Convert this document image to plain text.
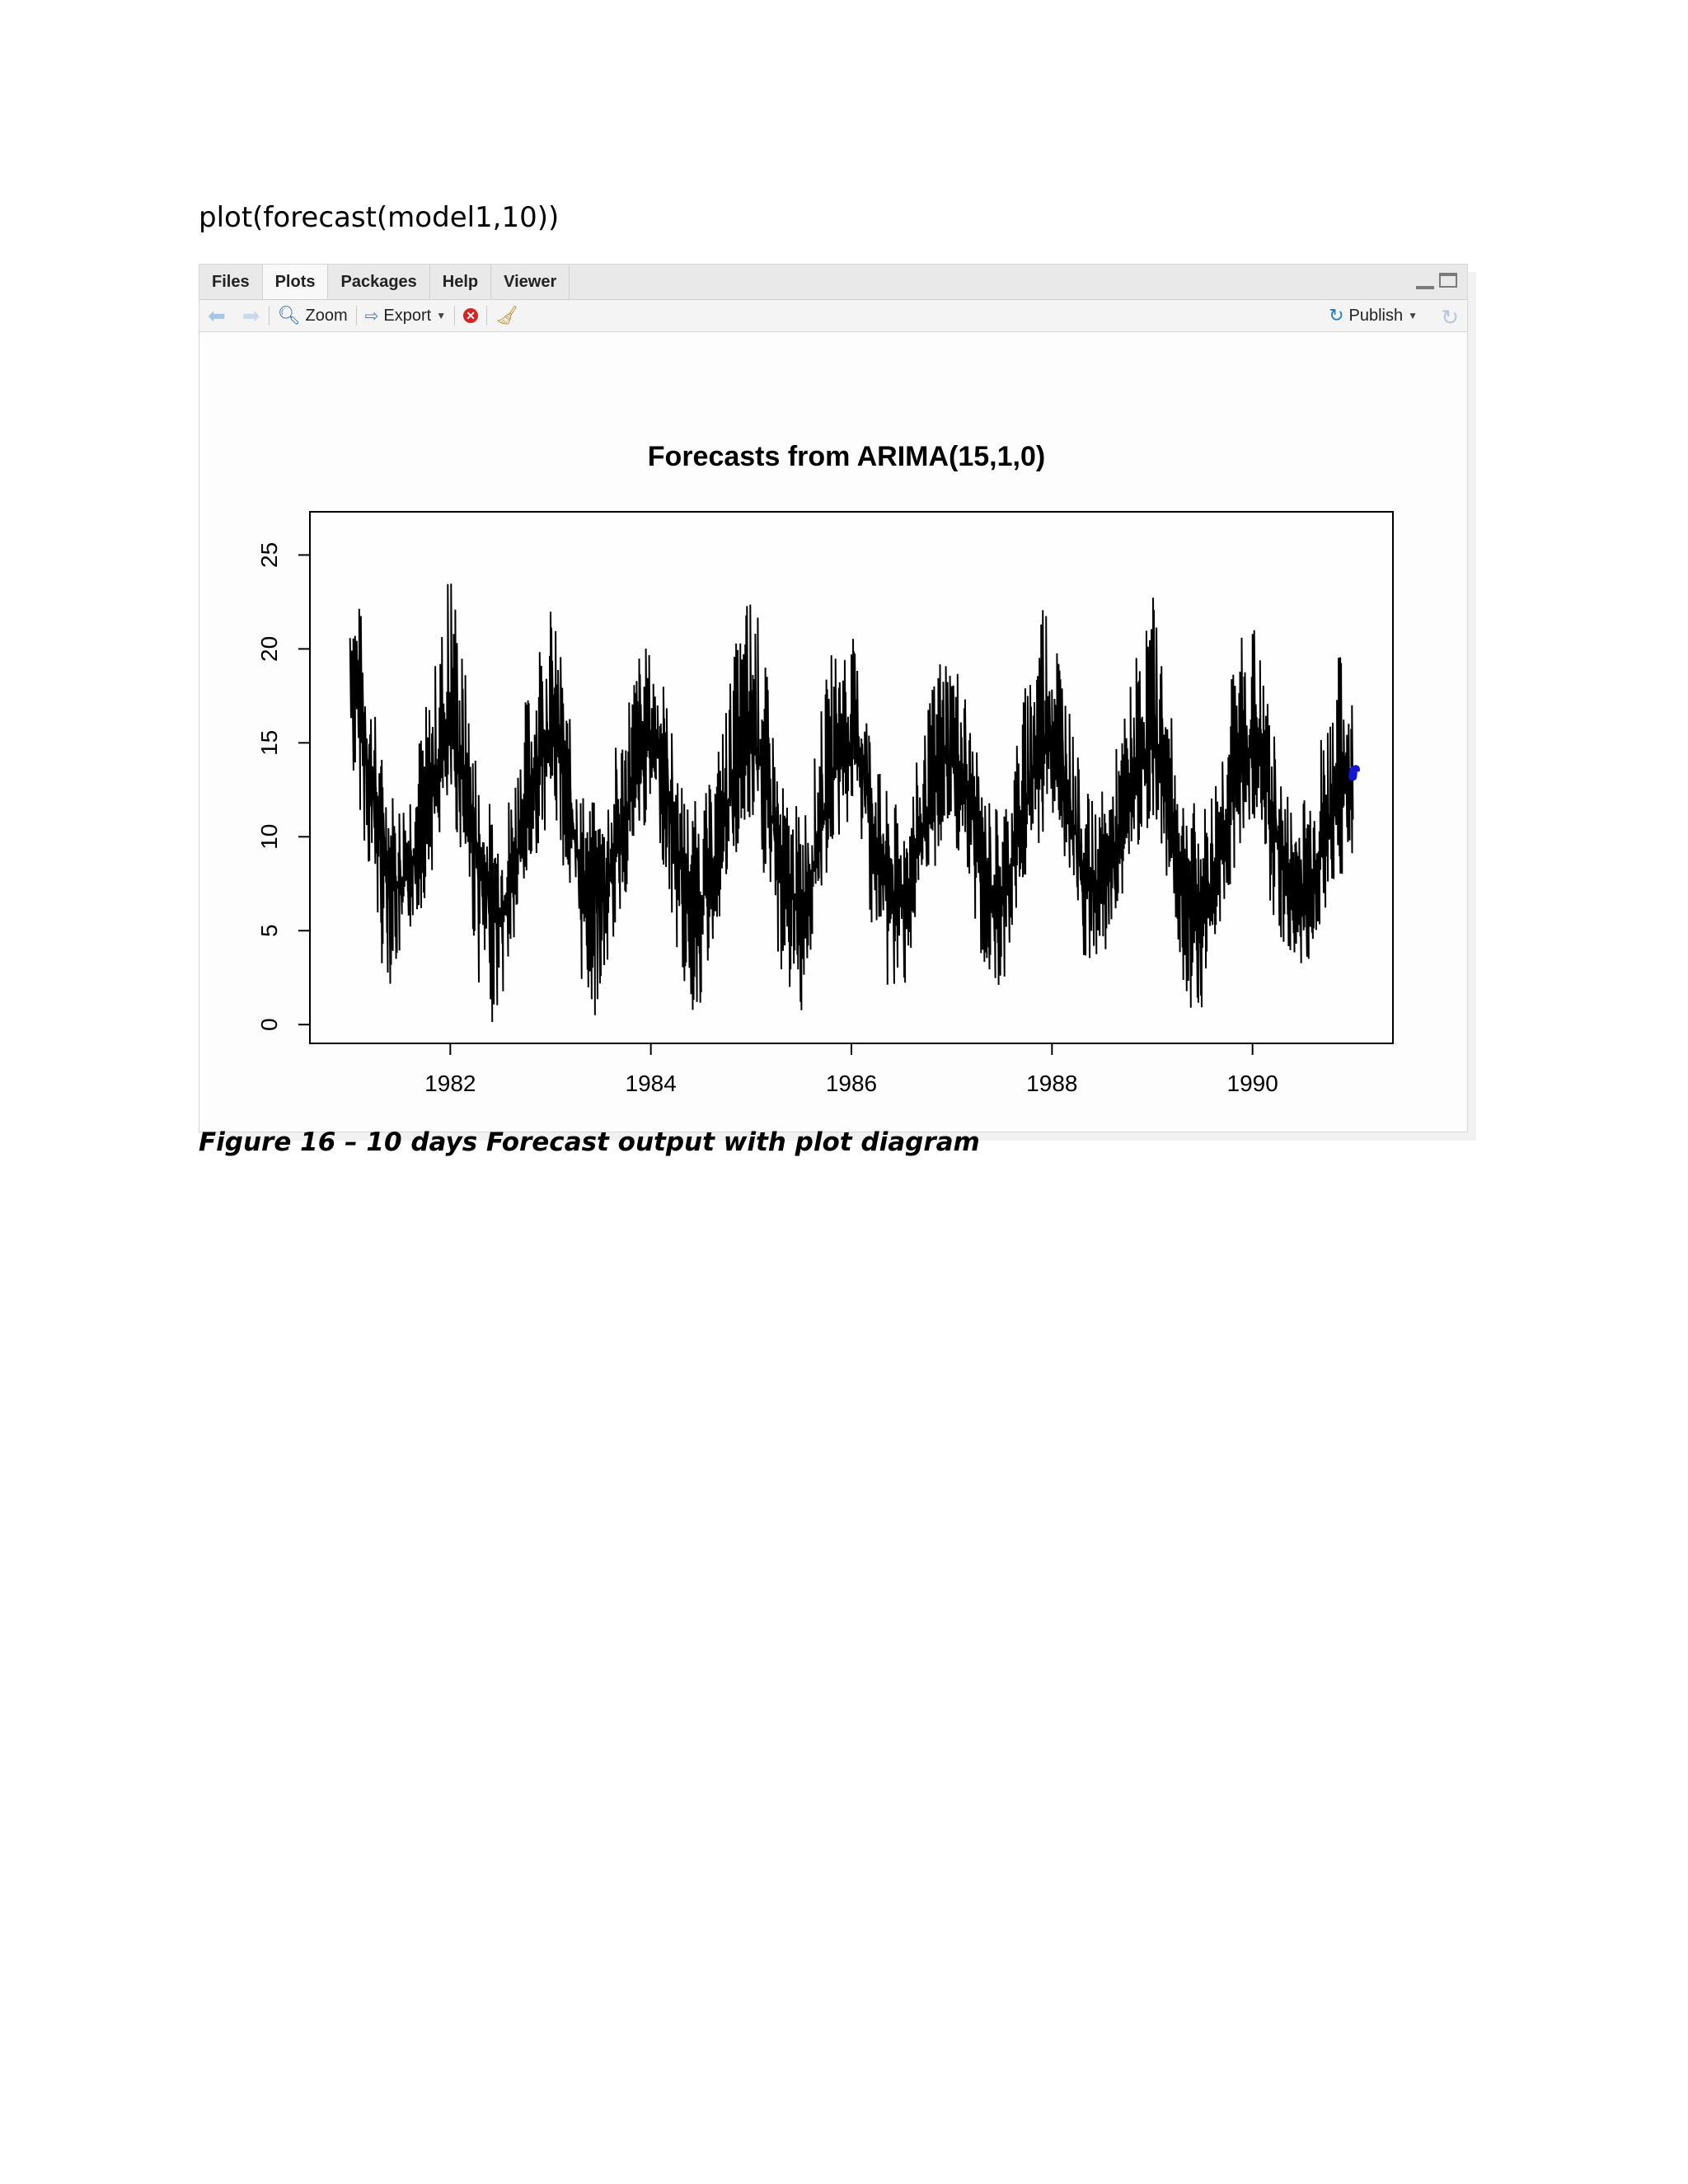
plot(forecast(model1,10))
Files	Plots	Packages	Help	Viewer
⬅ ➡ 🔍︎ Zoom ⇨ Export ▼ ✕ 🧹︎	↻ Publish ▼ ↻
Forecasts from ARIMA(15,1,0)
1982	1984	1986	1988	1990
0
5
10
15
20
25
Figure 16 – 10 days Forecast output with plot diagram
